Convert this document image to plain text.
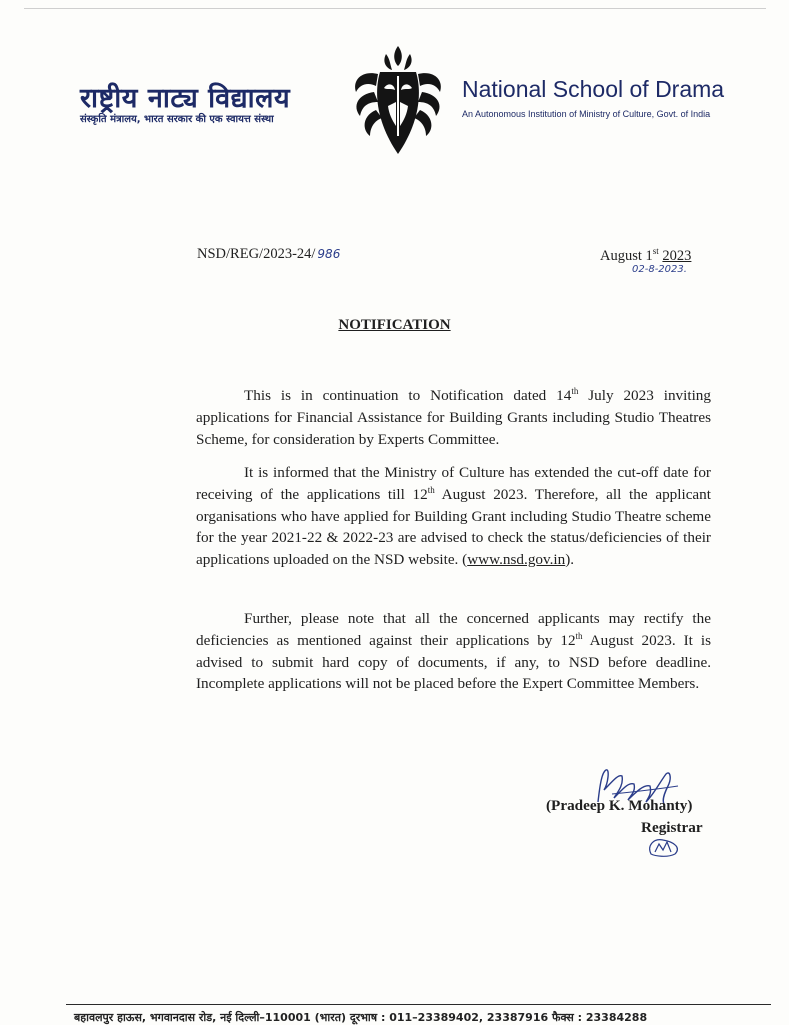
राष्ट्रीय नाट्य विद्यालय
संस्कृति मंत्रालय, भारत सरकार की एक स्वायत्त संस्था
National School of Drama
An Autonomous Institution of Ministry of Culture, Govt. of India
NSD/REG/2023-24/ 986	August 1st 2023
02-8-2023.
NOTIFICATION

This is in continuation to Notification dated 14th July 2023 inviting applications for Financial Assistance for Building Grants including Studio Theatres Scheme, for consideration by Experts Committee.

It is informed that the Ministry of Culture has extended the cut-off date for receiving of the applications till 12th August 2023. Therefore, all the applicant organisations who have applied for Building Grant including Studio Theatre scheme for the year 2021-22 & 2022-23 are advised to check the status/deficiencies of their applications uploaded on the NSD website. (www.nsd.gov.in).

Further, please note that all the concerned applicants may rectify the deficiencies as mentioned against their applications by 12th August 2023. It is advised to submit hard copy of documents, if any, to NSD before deadline. Incomplete applications will not be placed before the Expert Committee Members.

(Pradeep K. Mohanty)
Registrar
बहावलपुर हाऊस, भगवानदास रोड, नई दिल्ली–110001 (भारत) दूरभाष : 011–23389402, 23387916 फैक्स : 23384288
